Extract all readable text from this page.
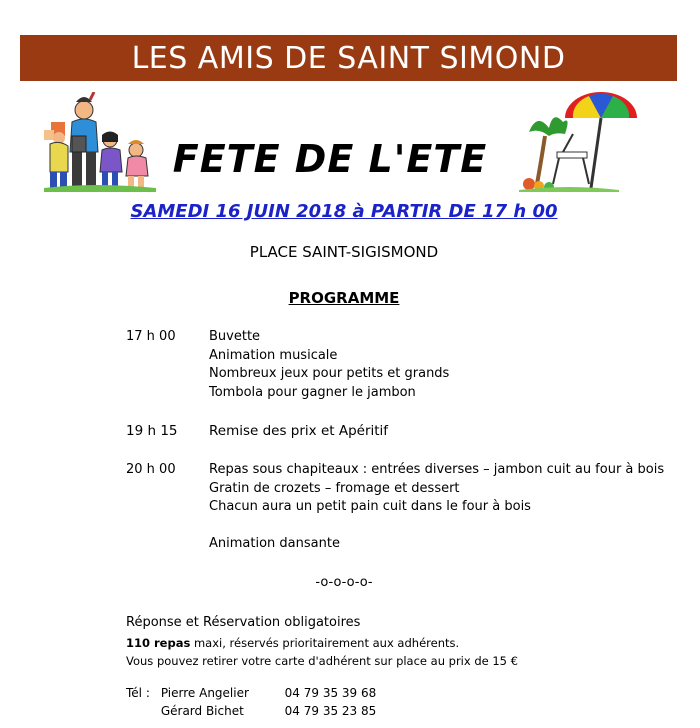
LES AMIS DE SAINT SIMOND
FETE DE L'ETE
SAMEDI 16 JUIN 2018 à PARTIR DE 17 h 00
PLACE SAINT-SIGISMOND
PROGRAMME
17 h 00	Buvette
Animation musicale
Nombreux jeux pour petits et grands
Tombola pour gagner le jambon
19 h 15	Remise des prix et Apéritif
20 h 00	Repas sous chapiteaux : entrées diverses – jambon cuit au four à bois
Gratin de crozets – fromage et dessert
Chacun aura un petit pain cuit dans le four à bois
Animation dansante
-o-o-o-o-
Réponse et Réservation obligatoires
110 repas maxi, réservés prioritairement aux adhérents.
Vous pouvez retirer votre carte d'adhérent sur place au prix de 15 €
Tél : Pierre Angelier	04 79 35 39 68
Gérard Bichet	04 79 35 23 85
